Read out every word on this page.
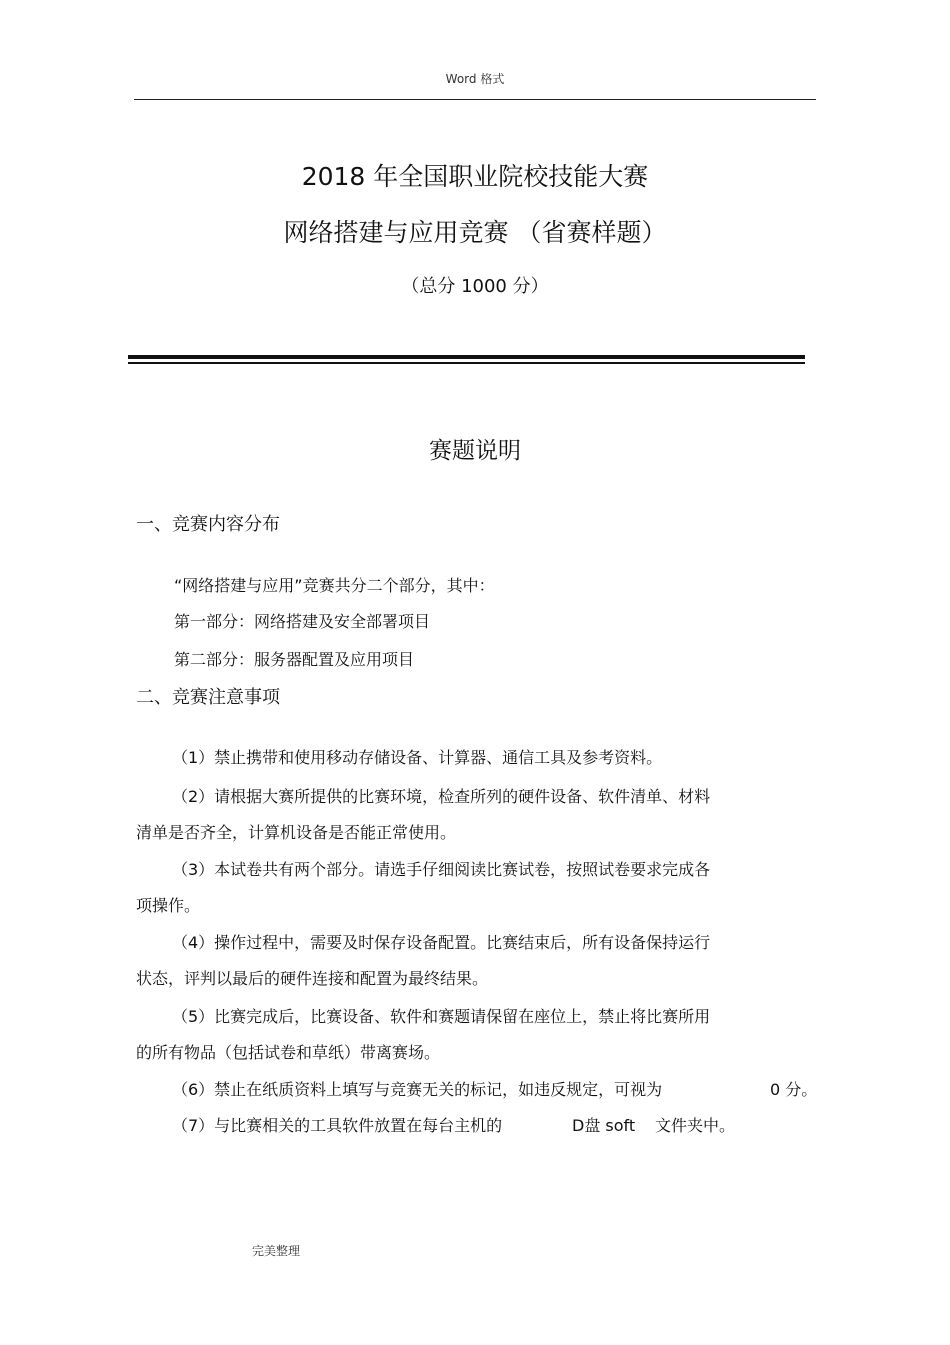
Word 格式
2018 年全国职业院校技能大赛
网络搭建与应用竞赛 （省赛样题）
（总分 1000 分）
赛题说明
一、竞赛内容分布
“网络搭建与应用”竞赛共分二个部分，其中：
第一部分：网络搭建及安全部署项目
第二部分：服务器配置及应用项目
二、竞赛注意事项
（1）禁止携带和使用移动存储设备、计算器、通信工具及参考资料。
（2）请根据大赛所提供的比赛环境，检查所列的硬件设备、软件清单、材料
清单是否齐全，计算机设备是否能正常使用。
（3）本试卷共有两个部分。请选手仔细阅读比赛试卷，按照试卷要求完成各
项操作。
（4）操作过程中，需要及时保存设备配置。比赛结束后，所有设备保持运行
状态，评判以最后的硬件连接和配置为最终结果。
（5）比赛完成后，比赛设备、软件和赛题请保留在座位上，禁止将比赛所用
的所有物品（包括试卷和草纸）带离赛场。
（6）禁止在纸质资料上填写与竞赛无关的标记，如违反规定，可视为	0 分。
（7）与比赛相关的工具软件放置在每台主机的	D盘 soft 文件夹中。
完美整理
